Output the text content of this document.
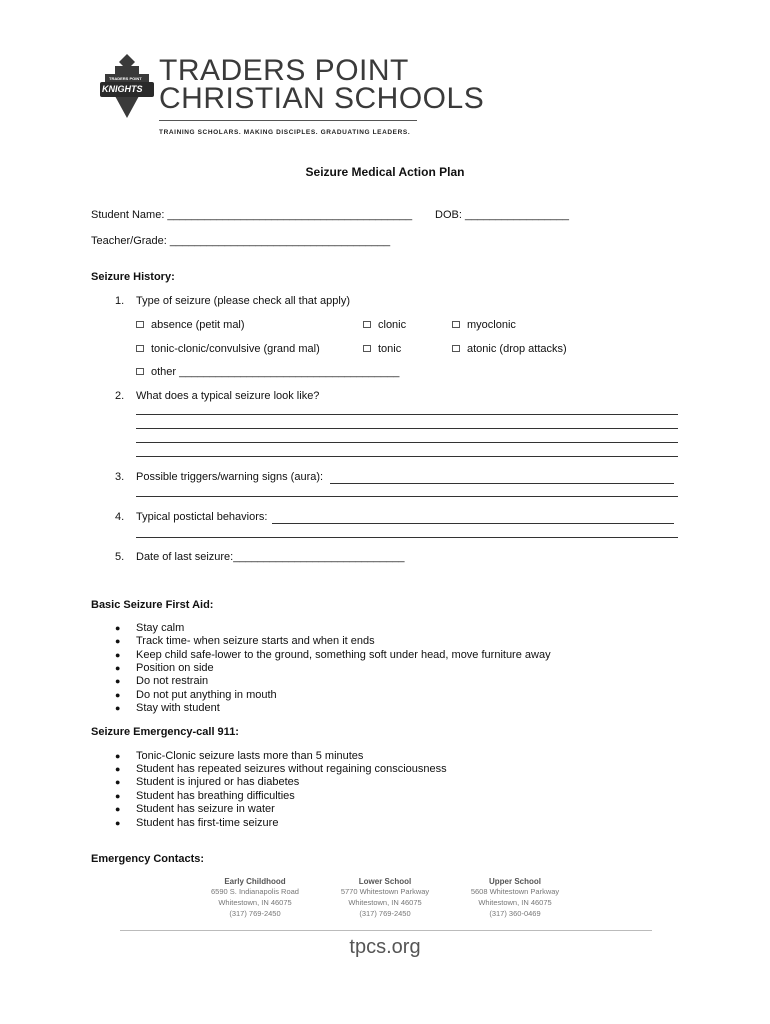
TRADERS POINT
KNIGHTS
TRADERS POINT
CHRISTIAN SCHOOLS
TRAINING SCHOLARS. MAKING DISCIPLES. GRADUATING LEADERS.
Seizure Medical Action Plan
Student Name: ________________________________________ DOB: _________________
Teacher/Grade: ____________________________________
Seizure History:
1. Type of seizure (please check all that apply)
absence (petit mal)	clonic	myoclonic
tonic-clonic/convulsive (grand mal)	tonic	atonic (drop attacks)
other ____________________________________
2. What does a typical seizure look like?
3. Possible triggers/warning signs (aura):
4. Typical postictal behaviors:
5. Date of last seizure:____________________________
Basic Seizure First Aid:
● Stay calm
● Track time- when seizure starts and when it ends
● Keep child safe-lower to the ground, something soft under head, move furniture away
● Position on side
● Do not restrain
● Do not put anything in mouth
● Stay with student
Seizure Emergency-call 911:
● Tonic-Clonic seizure lasts more than 5 minutes
● Student has repeated seizures without regaining consciousness
● Student is injured or has diabetes
● Student has breathing difficulties
● Student has seizure in water
● Student has first-time seizure
Emergency Contacts:
Early Childhood
6590 S. Indianapolis Road
Whitestown, IN 46075
(317) 769-2450
Lower School
5770 Whitestown Parkway
Whitestown, IN 46075
(317) 769-2450
Upper School
5608 Whitestown Parkway
Whitestown, IN 46075
(317) 360-0469
tpcs.org
